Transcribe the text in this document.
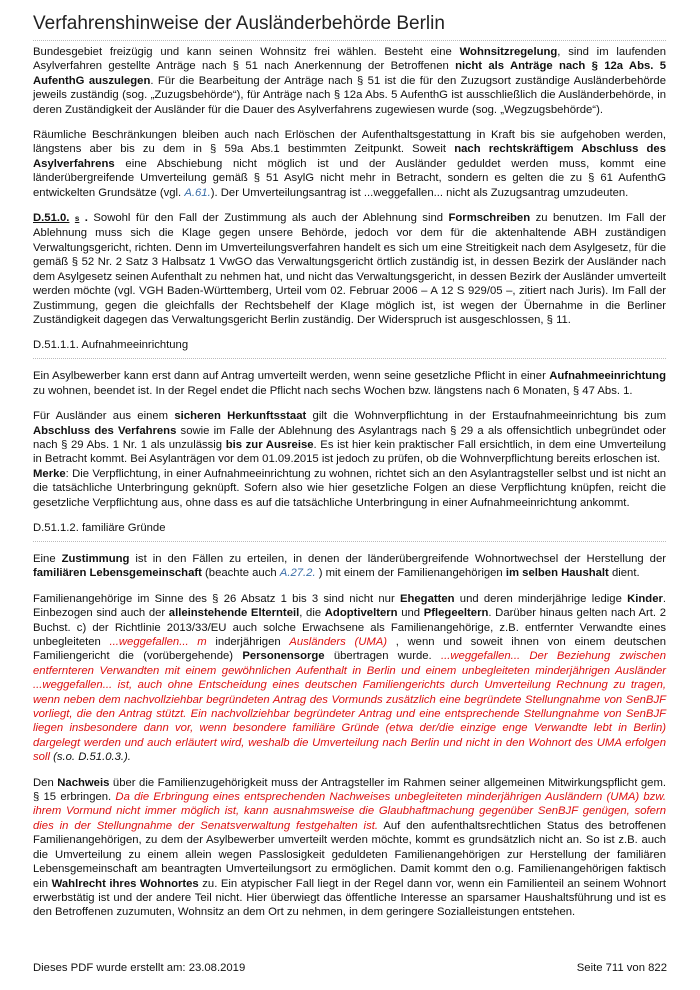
Verfahrenshinweise der Ausländerbehörde Berlin

Bundesgebiet freizügig und kann seinen Wohnsitz frei wählen. Besteht eine Wohnsitzregelung, sind im laufenden Asylverfahren gestellte Anträge nach § 51 nach Anerkennung der Betroffenen nicht als Anträge nach § 12a Abs. 5 AufenthG auszulegen. Für die Bearbeitung der Anträge nach § 51 ist die für den Zuzugsort zuständige Ausländerbehörde jeweils zuständig (sog. „Zuzugsbehörde“), für Anträge nach § 12a Abs. 5 AufenthG ist ausschließlich die Ausländerbehörde, in deren Zuständigkeit der Ausländer für die Dauer des Asylverfahrens zugewiesen wurde (sog. „Wegzugsbehörde“).

Räumliche Beschränkungen bleiben auch nach Erlöschen der Aufenthaltsgestattung in Kraft bis sie aufgehoben werden, längstens aber bis zu dem in § 59a Abs.1 bestimmten Zeitpunkt. Soweit nach rechtskräftigem Abschluss des Asylverfahrens eine Abschiebung nicht möglich ist und der Ausländer geduldet werden muss, kommt eine länderübergreifende Umverteilung gemäß § 51 AsylG nicht mehr in Betracht, sondern es gelten die zu § 61 AufenthG entwickelten Grundsätze (vgl. A.61.). Der Umverteilungsantrag ist ...weggefallen... nicht als Zuzugsantrag umzudeuten.

D.51.0. s . Sowohl für den Fall der Zustimmung als auch der Ablehnung sind Formschreiben zu benutzen. Im Fall der Ablehnung muss sich die Klage gegen unsere Behörde, jedoch vor dem für die aktenhaltende ABH zuständigen Verwaltungsgericht, richten. Denn im Umverteilungsverfahren handelt es sich um eine Streitigkeit nach dem Asylgesetz, für die gemäß § 52 Nr. 2 Satz 3 Halbsatz 1 VwGO das Verwaltungsgericht örtlich zuständig ist, in dessen Bezirk der Ausländer nach dem Asylgesetz seinen Aufenthalt zu nehmen hat, und nicht das Verwaltungsgericht, in dessen Bezirk der Ausländer umverteilt werden möchte (vgl. VGH Baden-Württemberg, Urteil vom 02. Februar 2006 – A 12 S 929/05 –, zitiert nach Juris). Im Fall der Zustimmung, gegen die gleichfalls der Rechtsbehelf der Klage möglich ist, ist wegen der Übernahme in die Berliner Zuständigkeit dagegen das Verwaltungsgericht Berlin zuständig. Der Widerspruch ist ausgeschlossen, § 11.

D.51.1.1. Aufnahmeeinrichtung

Ein Asylbewerber kann erst dann auf Antrag umverteilt werden, wenn seine gesetzliche Pflicht in einer Aufnahmeeinrichtung zu wohnen, beendet ist. In der Regel endet die Pflicht nach sechs Wochen bzw. längstens nach 6 Monaten, § 47 Abs. 1.

Für Ausländer aus einem sicheren Herkunftsstaat gilt die Wohnverpflichtung in der Erstaufnahmeeinrichtung bis zum Abschluss des Verfahrens sowie im Falle der Ablehnung des Asylantrags nach § 29 a als offensichtlich unbegründet oder nach § 29 Abs. 1 Nr. 1 als unzulässig bis zur Ausreise. Es ist hier kein praktischer Fall ersichtlich, in dem eine Umverteilung in Betracht kommt. Bei Asylanträgen vor dem 01.09.2015 ist jedoch zu prüfen, ob die Wohnverpflichtung bereits erloschen ist.
Merke: Die Verpflichtung, in einer Aufnahmeeinrichtung zu wohnen, richtet sich an den Asylantragsteller selbst und ist nicht an die tatsächliche Unterbringung geknüpft. Sofern also wie hier gesetzliche Folgen an diese Verpflichtung knüpfen, reicht die gesetzliche Verpflichtung aus, ohne dass es auf die tatsächliche Unterbringung in einer Aufnahmeeinrichtung ankommt.

D.51.1.2. familiäre Gründe

Eine Zustimmung ist in den Fällen zu erteilen, in denen der länderübergreifende Wohnortwechsel der Herstellung der familiären Lebensgemeinschaft (beachte auch A.27.2. ) mit einem der Familienangehörigen im selben Haushalt dient.

Familienangehörige im Sinne des § 26 Absatz 1 bis 3 sind nicht nur Ehegatten und deren minderjährige ledige Kinder. Einbezogen sind auch der alleinstehende Elternteil, die Adoptiveltern und Pflegeeltern. Darüber hinaus gelten nach Art. 2 Buchst. c) der Richtlinie 2013/33/EU auch solche Erwachsene als Familienangehörige, z.B. entfernter Verwandte eines unbegleiteten ...weggefallen... m inderjährigen Ausländers (UMA) , wenn und soweit ihnen von einem deutschen Familiengericht die (vorübergehende) Personensorge übertragen wurde. ...weggefallen... Der Beziehung zwischen entfernteren Verwandten mit einem gewöhnlichen Aufenthalt in Berlin und einem unbegleiteten minderjährigen Ausländer ...weggefallen... ist, auch ohne Entscheidung eines deutschen Familiengerichts durch Umverteilung Rechnung zu tragen, wenn neben dem nachvollziehbar begründeten Antrag des Vormunds zusätzlich eine begründete Stellungnahme von SenBJF vorliegt, die den Antrag stützt. Ein nachvollziehbar begründeter Antrag und eine entsprechende Stellungnahme von SenBJF liegen insbesondere dann vor, wenn besondere familiäre Gründe (etwa der/die einzige enge Verwandte lebt in Berlin) dargelegt werden und auch erläutert wird, weshalb die Umverteilung nach Berlin und nicht in den Wohnort des UMA erfolgen soll (s.o. D.51.0.3.).

Den Nachweis über die Familienzugehörigkeit muss der Antragsteller im Rahmen seiner allgemeinen Mitwirkungspflicht gem. § 15 erbringen. Da die Erbringung eines entsprechenden Nachweises unbegleiteten minderjährigen Ausländern (UMA) bzw. ihrem Vormund nicht immer möglich ist, kann ausnahmsweise die Glaubhaftmachung gegenüber SenBJF genügen, sofern dies in der Stellungnahme der Senatsverwaltung festgehalten ist. Auf den aufenthaltsrechtlichen Status des betroffenen Familienangehörigen, zu dem der Asylbewerber umverteilt werden möchte, kommt es grundsätzlich nicht an. So ist z.B. auch die Umverteilung zu einem allein wegen Passlosigkeit geduldeten Familienangehörigen zur Herstellung der familiären Lebensgemeinschaft am beantragten Umverteilungsort zu ermöglichen. Damit kommt den o.g. Familienangehörigen faktisch ein Wahlrecht ihres Wohnortes zu. Ein atypischer Fall liegt in der Regel dann vor, wenn ein Familienteil an seinem Wohnort erwerbstätig ist und der andere Teil nicht. Hier überwiegt das öffentliche Interesse an sparsamer Haushaltsführung und ist es den Betroffenen zuzumuten, Wohnsitz an dem Ort zu nehmen, in dem geringere Sozialleistungen entstehen.

Dieses PDF wurde erstellt am: 23.08.2019	Seite 711 von 822
